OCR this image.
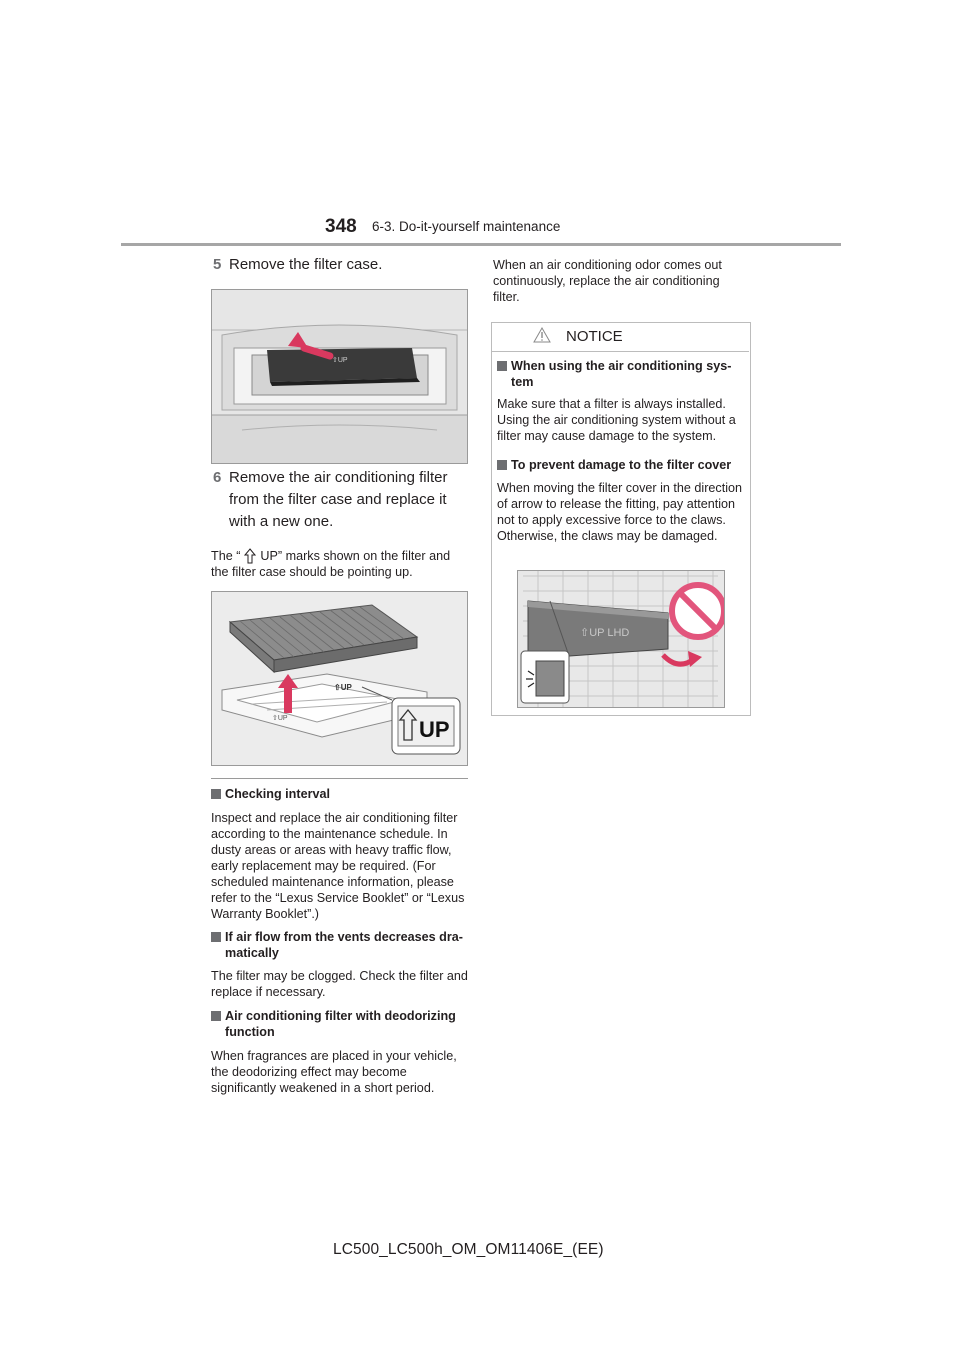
348 6-3. Do-it-yourself maintenance
5 Remove the filter case.
⇧UP
6 Remove the air conditioning filter from the filter case and replace it with a new one.
The “ UP” marks shown on the filter and the filter case should be pointing up.
⇧UP
⇧UP	UP
Checking interval
Inspect and replace the air conditioning filter according to the maintenance schedule. In dusty areas or areas with heavy traffic flow, early replacement may be required. (For scheduled maintenance information, please refer to the “Lexus Service Booklet” or “Lexus Warranty Booklet”.)
If air flow from the vents decreases dra-
matically
The filter may be clogged. Check the filter and replace if necessary.
Air conditioning filter with deodorizing
function
When fragrances are placed in your vehicle, the deodorizing effect may become significantly weakened in a short period.
When an air conditioning odor comes out continuously, replace the air conditioning filter.
NOTICE
When using the air conditioning sys-
tem
Make sure that a filter is always installed. Using the air conditioning system without a filter may cause damage to the system.
To prevent damage to the filter cover
When moving the filter cover in the direction of arrow to release the fitting, pay attention not to apply excessive force to the claws. Otherwise, the claws may be damaged.
⇧UP LHD
LC500_LC500h_OM_OM11406E_(EE)
